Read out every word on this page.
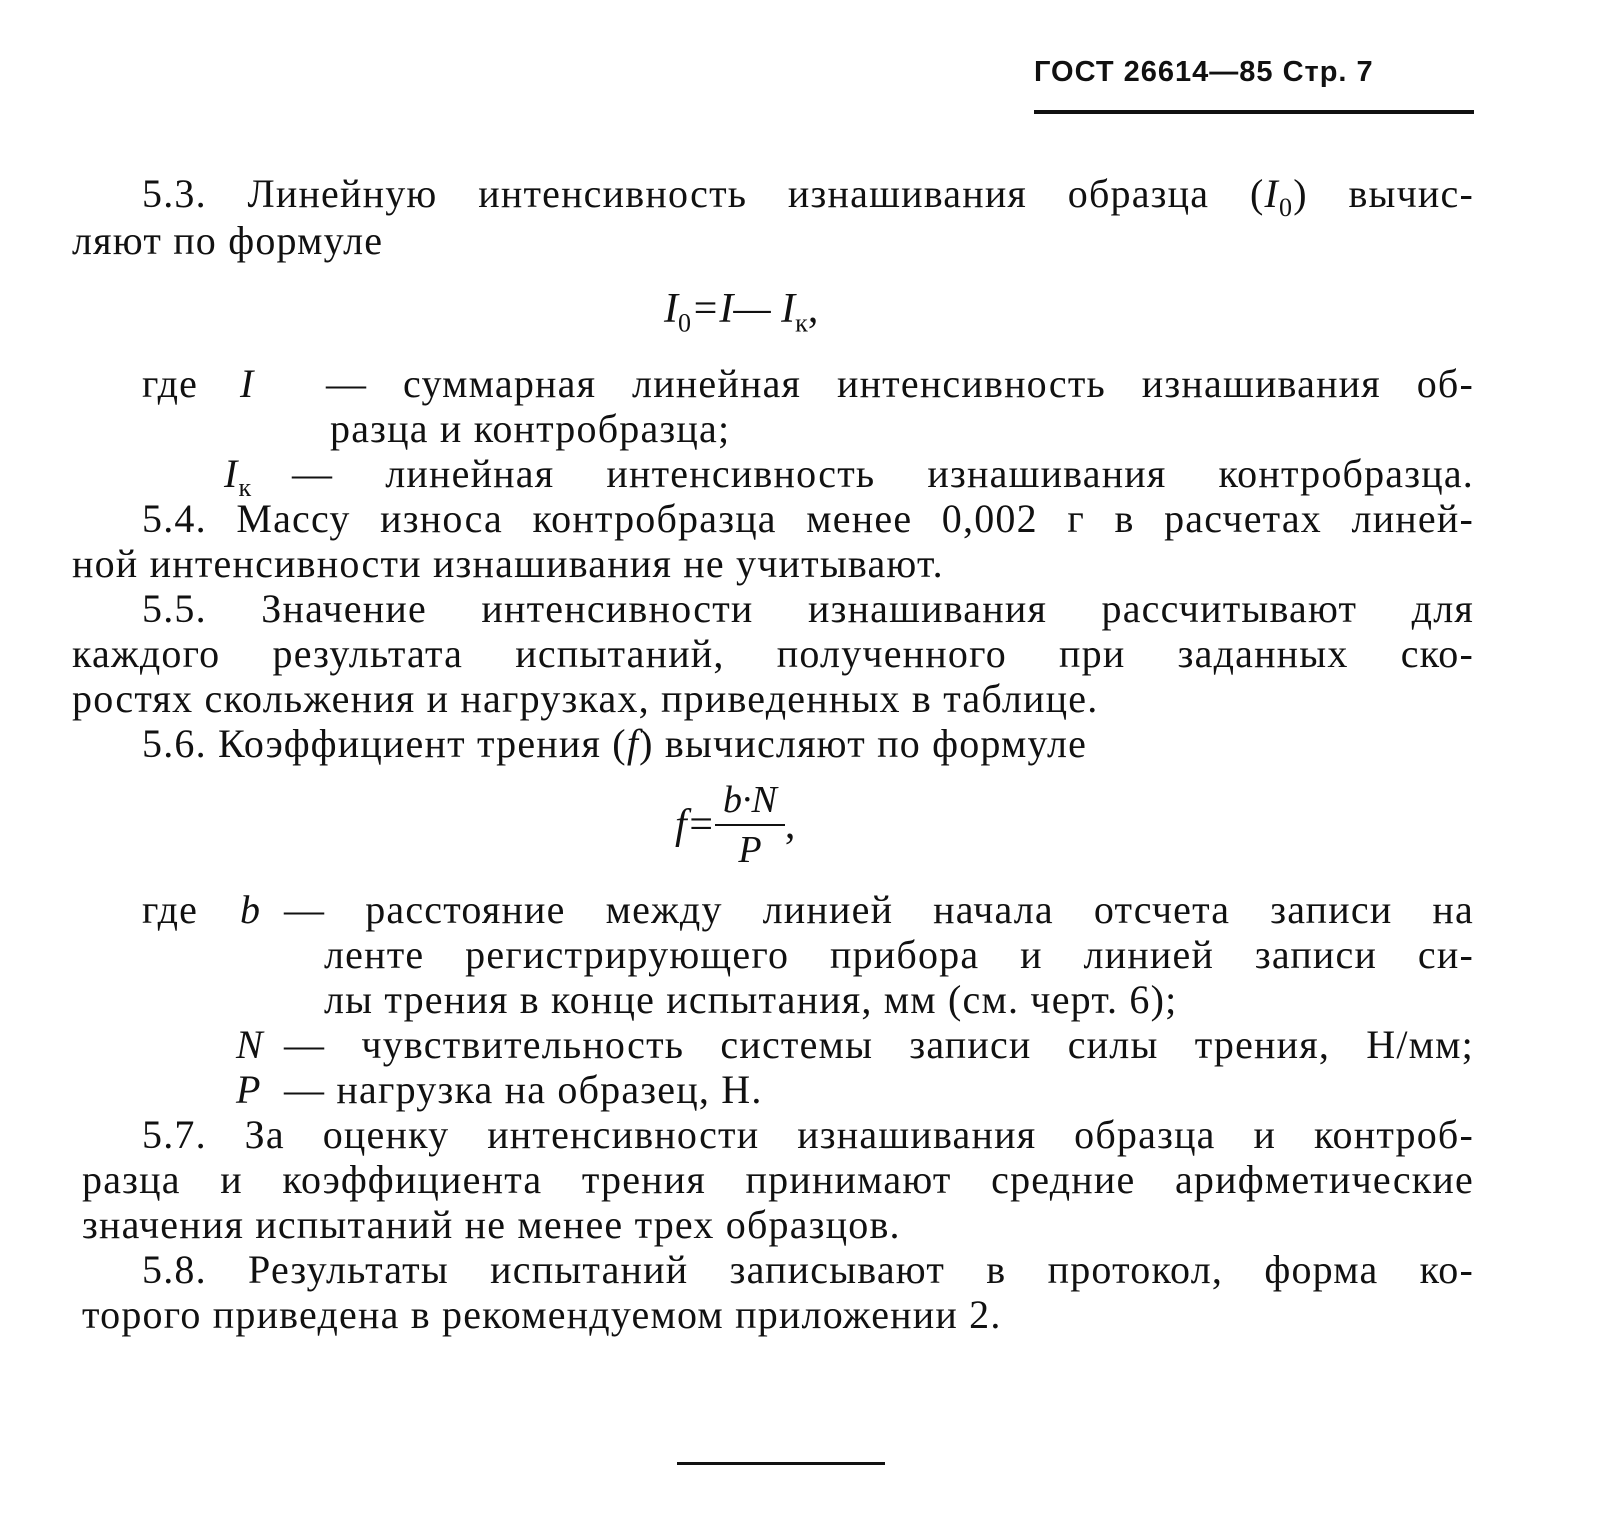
ГОСТ 26614—85 Стр. 7
5.3. Линейную интенсивность изнашивания образца $(I_0)$ вычис-
ляют по формуле
$I_0=I—$ $I_к$,
где I — суммарная линейная интенсивность изнашивания об-
разца и контробразца;
$I_к$ — линейная интенсивность изнашивания контробразца.
5.4. Массу износа контробразца менее 0,002 г в расчетах линей-
ной интенсивности изнашивания не учитывают.
5.5. Значение интенсивности изнашивания рассчитывают для
каждого результата испытаний, полученного при заданных ско-
ростях скольжения и нагрузках, приведенных в таблице.
5.6. Коэффициент трения (f) вычисляют по формуле
$f= \frac{b\cdot N}{P}$ ,
где b — расстояние между линией начала отсчета записи на
ленте регистрирующего прибора и линией записи си-
лы трения в конце испытания, мм (см. черт. 6);
N — чувствительность системы записи силы трения, Н/мм;
P — нагрузка на образец, Н.
5.7. За оценку интенсивности изнашивания образца и контроб-
разца и коэффициента трения принимают средние арифметические
значения испытаний не менее трех образцов.
5.8. Результаты испытаний записывают в протокол, форма ко-
торого приведена в рекомендуемом приложении 2.
